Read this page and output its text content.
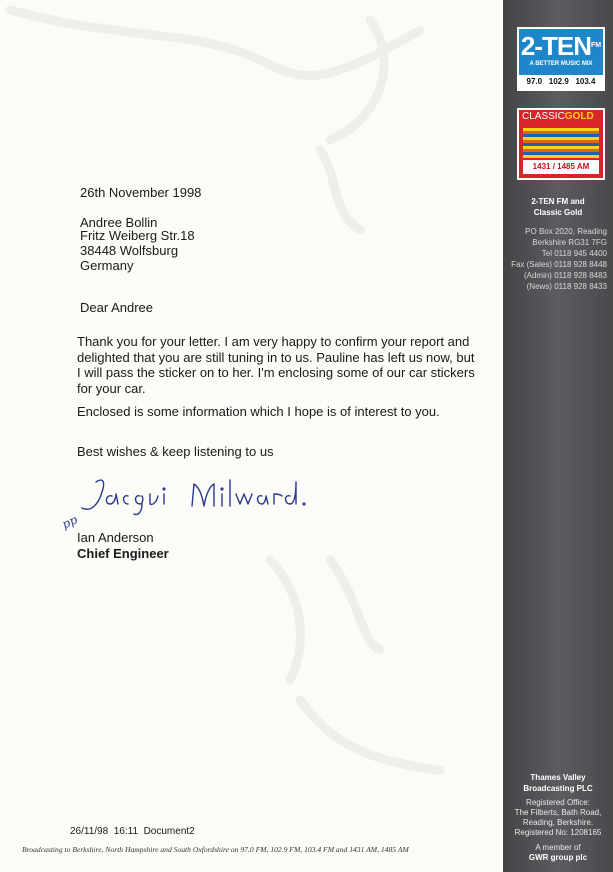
26th November 1998
Andree Bollin
Fritz Weiberg Str.18
38448 Wolfsburg
Germany
Dear Andree
Thank you for your letter. I am very happy to confirm your report and delighted that you are still tuning in to us. Pauline has left us now, but I will pass the sticker on to her. I'm enclosing some of our car stickers for your car.
Enclosed is some information which I hope is of interest to you.
Best wishes & keep listening to us
pp
Ian Anderson
Chief Engineer
26/11/98  16:11  Document2
Broadcasting to Berkshire, North Hampshire and South Oxfordshire on 97.0 FM, 102.9 FM, 103.4 FM and 1431 AM, 1485 AM
$2-TEN^{FM}$
A BETTER MUSIC MIX
97.0   102.9   103.4
CLASSICGOLD
1431 / 1485 AM
2-TEN FM and
Classic Gold
PO Box 2020, Reading
Berkshire RG31 7FG
Tel 0118 945 4400
Fax (Sales) 0118 928 8448
(Admin) 0118 928 8483
(News) 0118 928 8433
Thames Valley
Broadcasting PLC
Registered Office:
The Filberts, Bath Road,
Reading, Berkshire.
Registered No: 1208165
A member of
GWR group plc
